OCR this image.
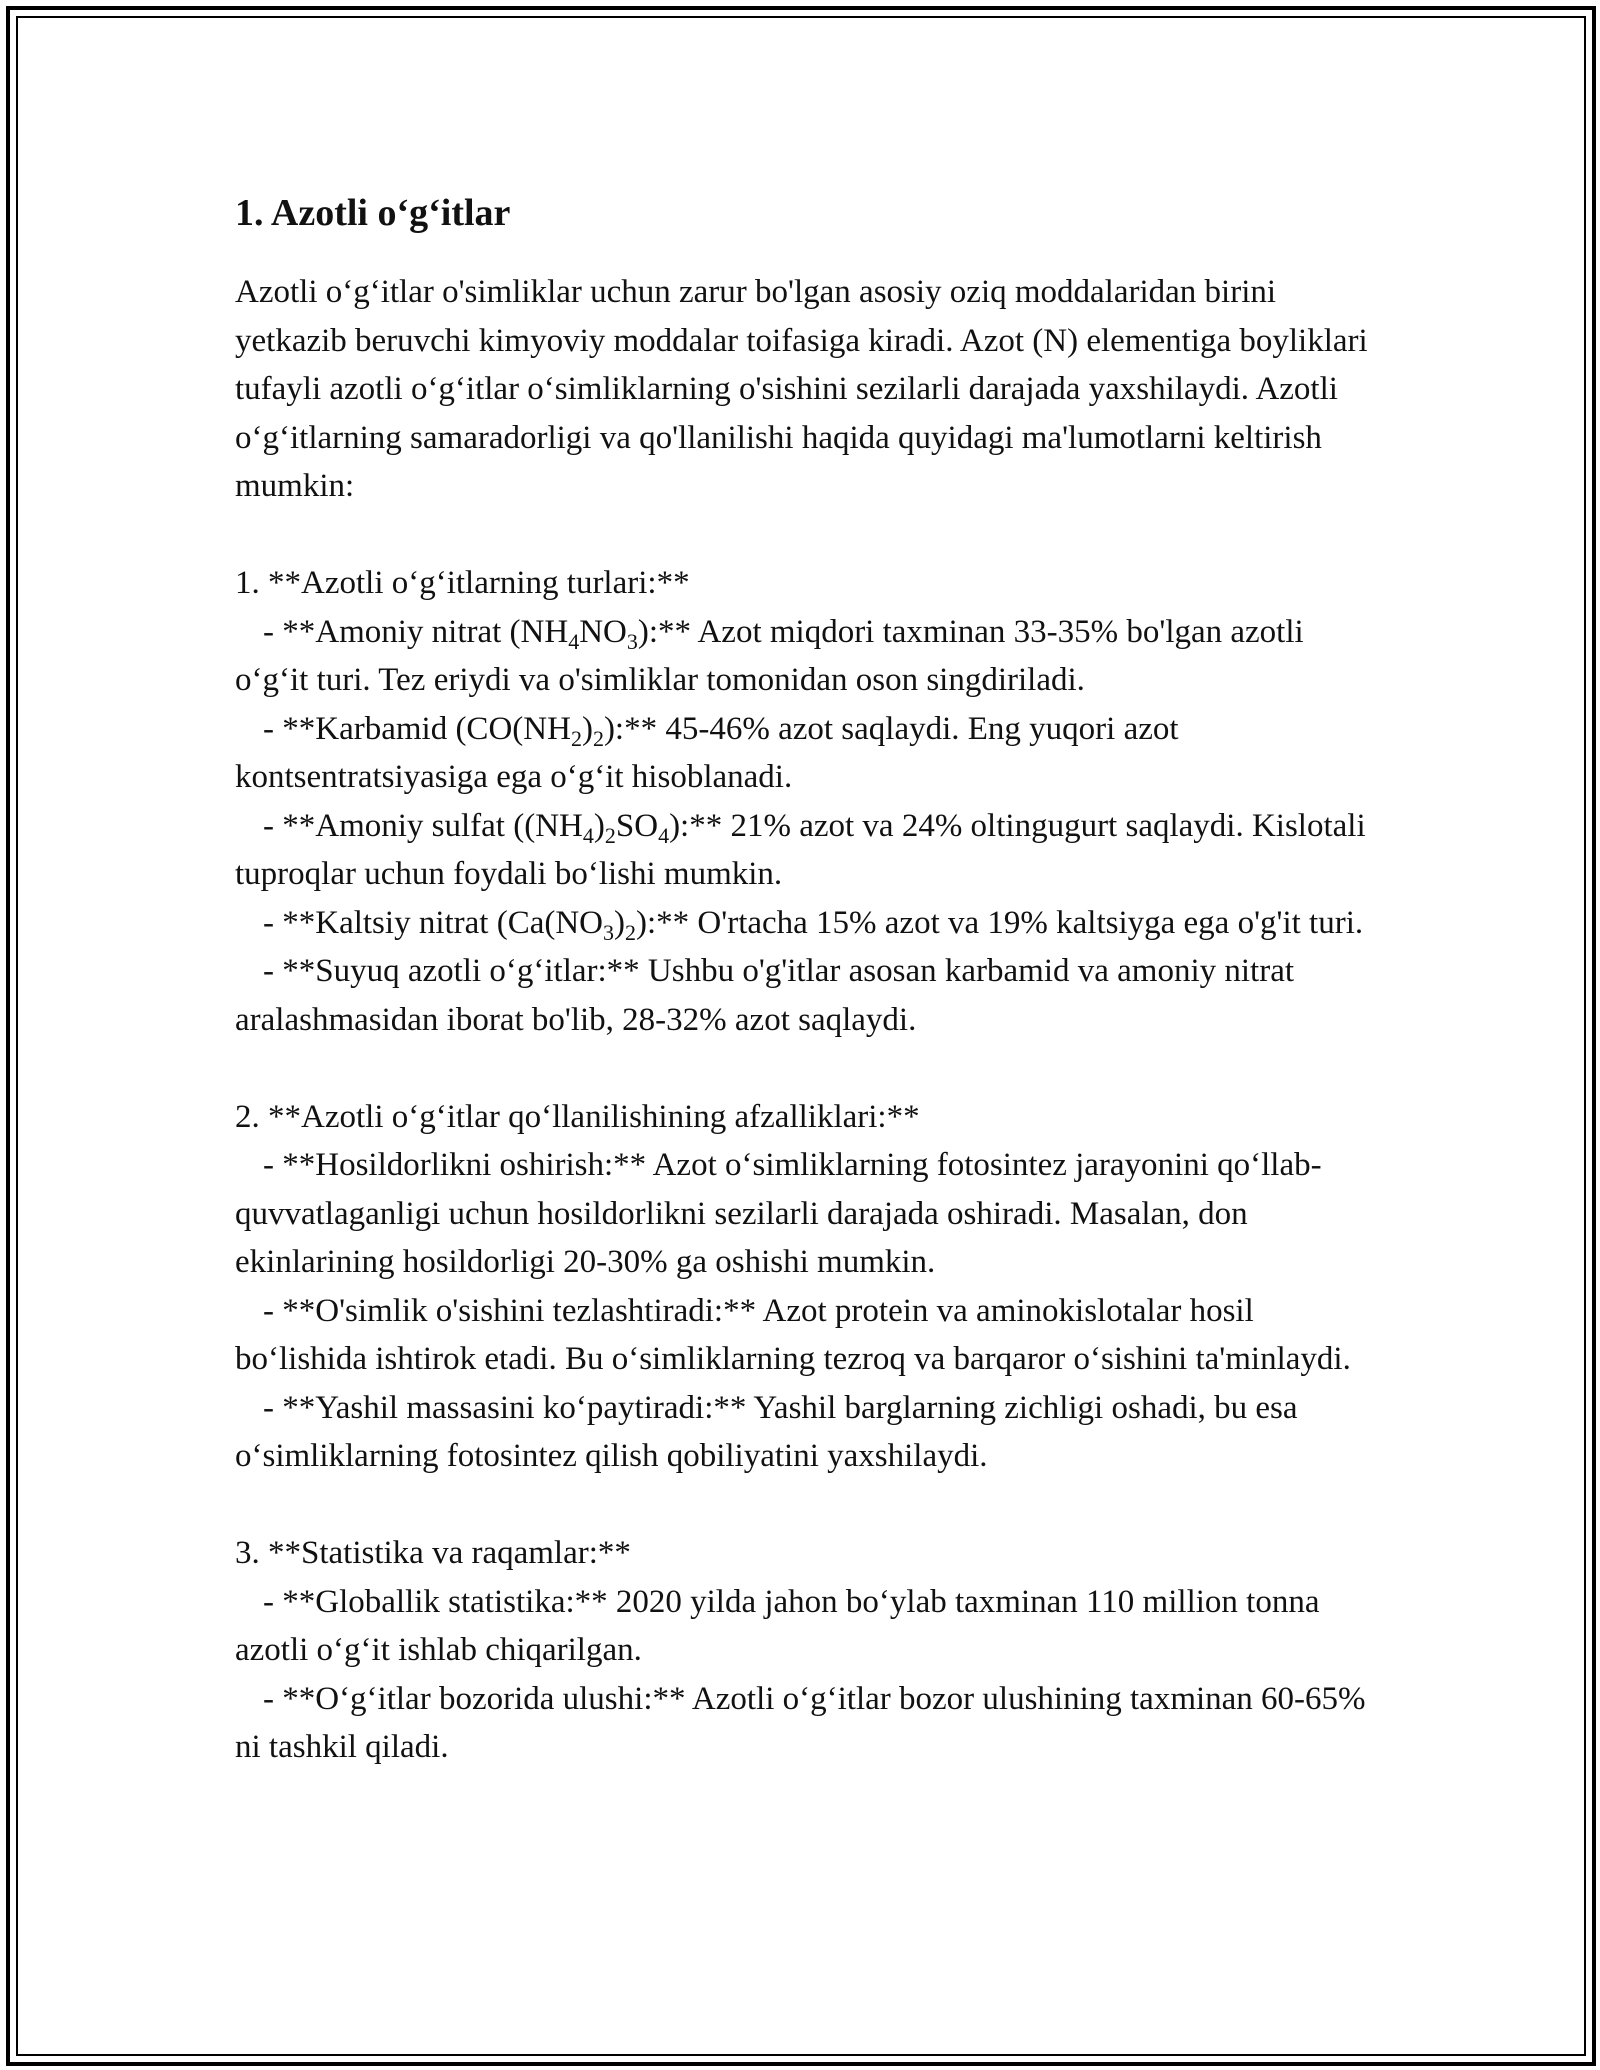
1. Azotli o‘g‘itlar

Azotli o‘g‘itlar o'simliklar uchun zarur bo'lgan asosiy oziq moddalaridan birini yetkazib beruvchi kimyoviy moddalar toifasiga kiradi. Azot (N) elementiga boyliklari tufayli azotli o‘g‘itlar o‘simliklarning o'sishini sezilarli darajada yaxshilaydi. Azotli o‘g‘itlarning samaradorligi va qo'llanilishi haqida quyidagi ma'lumotlarni keltirish mumkin:

1. **Azotli o‘g‘itlarning turlari:**

- **Amoniy nitrat $(NH_4NO_3):**$ Azot miqdori taxminan 33-35% bo'lgan azotli o‘g‘it turi. Tez eriydi va o'simliklar tomonidan oson singdiriladi.

- **Karbamid $(CO(NH_2)_2):**$ 45-46% azot saqlaydi. Eng yuqori azot kontsentratsiyasiga ega o‘g‘it hisoblanadi.

- **Amoniy sulfat $((NH_4)_2SO_4):**$ 21% azot va 24% oltingugurt saqlaydi. Kislotali tuproqlar uchun foydali bo‘lishi mumkin.

- **Kaltsiy nitrat $(Ca(NO_3)_2):**$ O'rtacha 15% azot va 19% kaltsiyga ega o'g'it turi.

- **Suyuq azotli o‘g‘itlar:** Ushbu o'g'itlar asosan karbamid va amoniy nitrat aralashmasidan iborat bo'lib, 28-32% azot saqlaydi.

2. **Azotli o‘g‘itlar qo‘llanilishining afzalliklari:**

- **Hosildorlikni oshirish:** Azot o‘simliklarning fotosintez jarayonini qo‘llab-quvvatlaganligi uchun hosildorlikni sezilarli darajada oshiradi. Masalan, don ekinlarining hosildorligi 20-30% ga oshishi mumkin.

- **O'simlik o'sishini tezlashtiradi:** Azot protein va aminokislotalar hosil bo‘lishida ishtirok etadi. Bu o‘simliklarning tezroq va barqaror o‘sishini ta'minlaydi.

- **Yashil massasini ko‘paytiradi:** Yashil barglarning zichligi oshadi, bu esa o‘simliklarning fotosintez qilish qobiliyatini yaxshilaydi.

3. **Statistika va raqamlar:**

- **Globallik statistika:** 2020 yilda jahon bo‘ylab taxminan 110 million tonna azotli o‘g‘it ishlab chiqarilgan.

- **O‘g‘itlar bozorida ulushi:** Azotli o‘g‘itlar bozor ulushining taxminan 60-65% ni tashkil qiladi.
